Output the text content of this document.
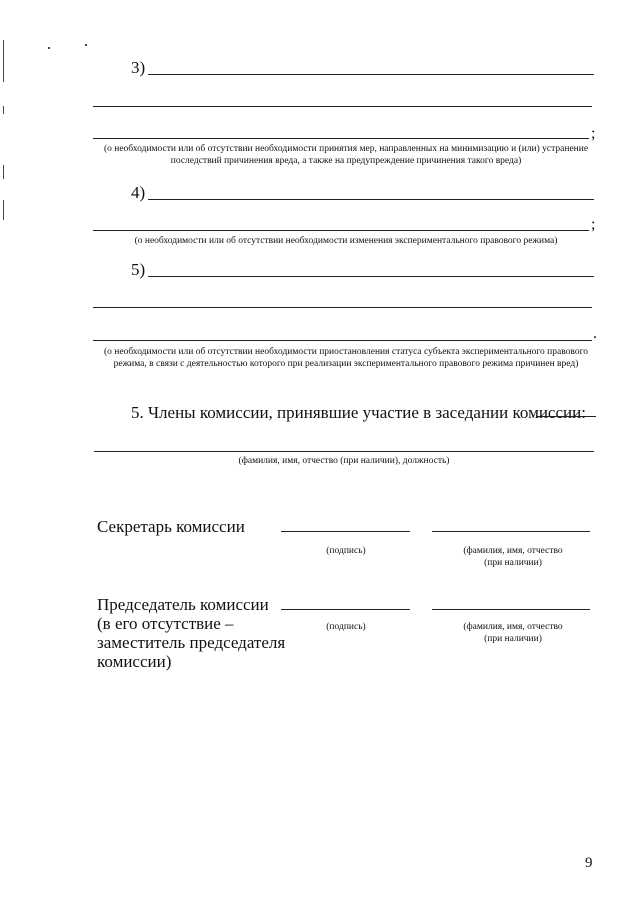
3)
;
(о необходимости или об отсутствии необходимости принятия мер, направленных на минимизацию и (или) устранение последствий причинения вреда, а также на предупреждение причинения такого вреда)
4)
;
(о необходимости или об отсутствии необходимости изменения экспериментального правового режима)
5)
.
(о необходимости или об отсутствии необходимости приостановления статуса субъекта экспериментального правового режима, в связи с деятельностью которого при реализации экспериментального правового режима причинен вред)
5. Члены комиссии, принявшие участие в заседании комиссии:
(фамилия, имя, отчество (при наличии), должность)
Секретарь комиссии
(подпись)	(фамилия, имя, отчество (при наличии)
Председатель комиссии
(в его отсутствие –
заместитель председателя
комиссии)
(подпись)	(фамилия, имя, отчество (при наличии)
9
